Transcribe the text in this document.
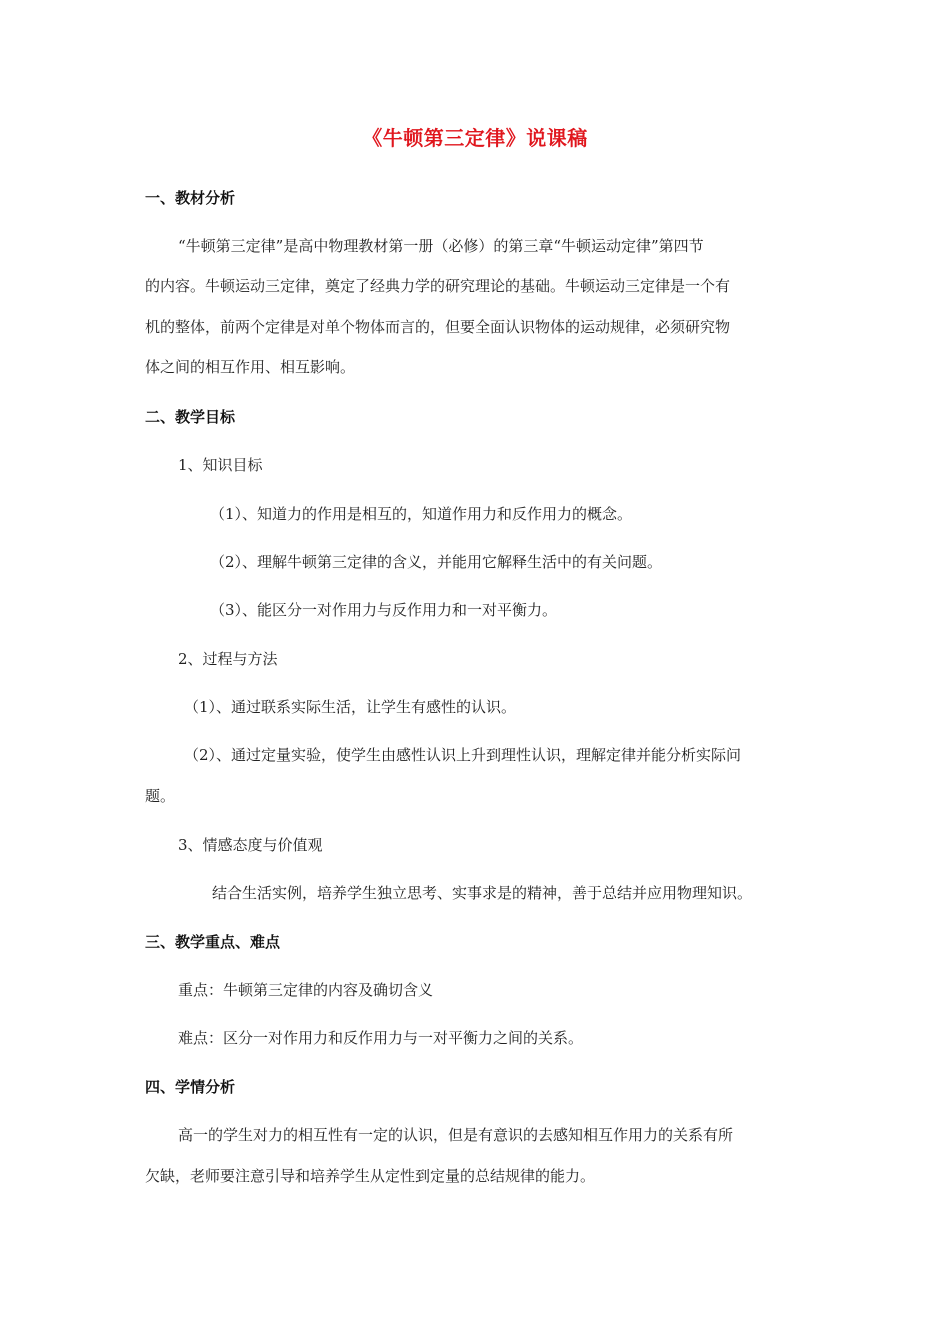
《牛顿第三定律》说课稿
一、教材分析
“牛顿第三定律”是高中物理教材第一册（必修）的第三章“牛顿运动定律”第四节
的内容。牛顿运动三定律，奠定了经典力学的研究理论的基础。牛顿运动三定律是一个有
机的整体，前两个定律是对单个物体而言的，但要全面认识物体的运动规律，必须研究物
体之间的相互作用、相互影响。
二、教学目标
1、知识目标
（1）、知道力的作用是相互的，知道作用力和反作用力的概念。
（2）、理解牛顿第三定律的含义，并能用它解释生活中的有关问题。
（3）、能区分一对作用力与反作用力和一对平衡力。
2、过程与方法
（1）、通过联系实际生活，让学生有感性的认识。
（2）、通过定量实验，使学生由感性认识上升到理性认识，理解定律并能分析实际问
题。
3、情感态度与价值观
结合生活实例，培养学生独立思考、实事求是的精神，善于总结并应用物理知识。
三、教学重点、难点
重点：牛顿第三定律的内容及确切含义
难点：区分一对作用力和反作用力与一对平衡力之间的关系。
四、学情分析
高一的学生对力的相互性有一定的认识，但是有意识的去感知相互作用力的关系有所
欠缺，老师要注意引导和培养学生从定性到定量的总结规律的能力。
